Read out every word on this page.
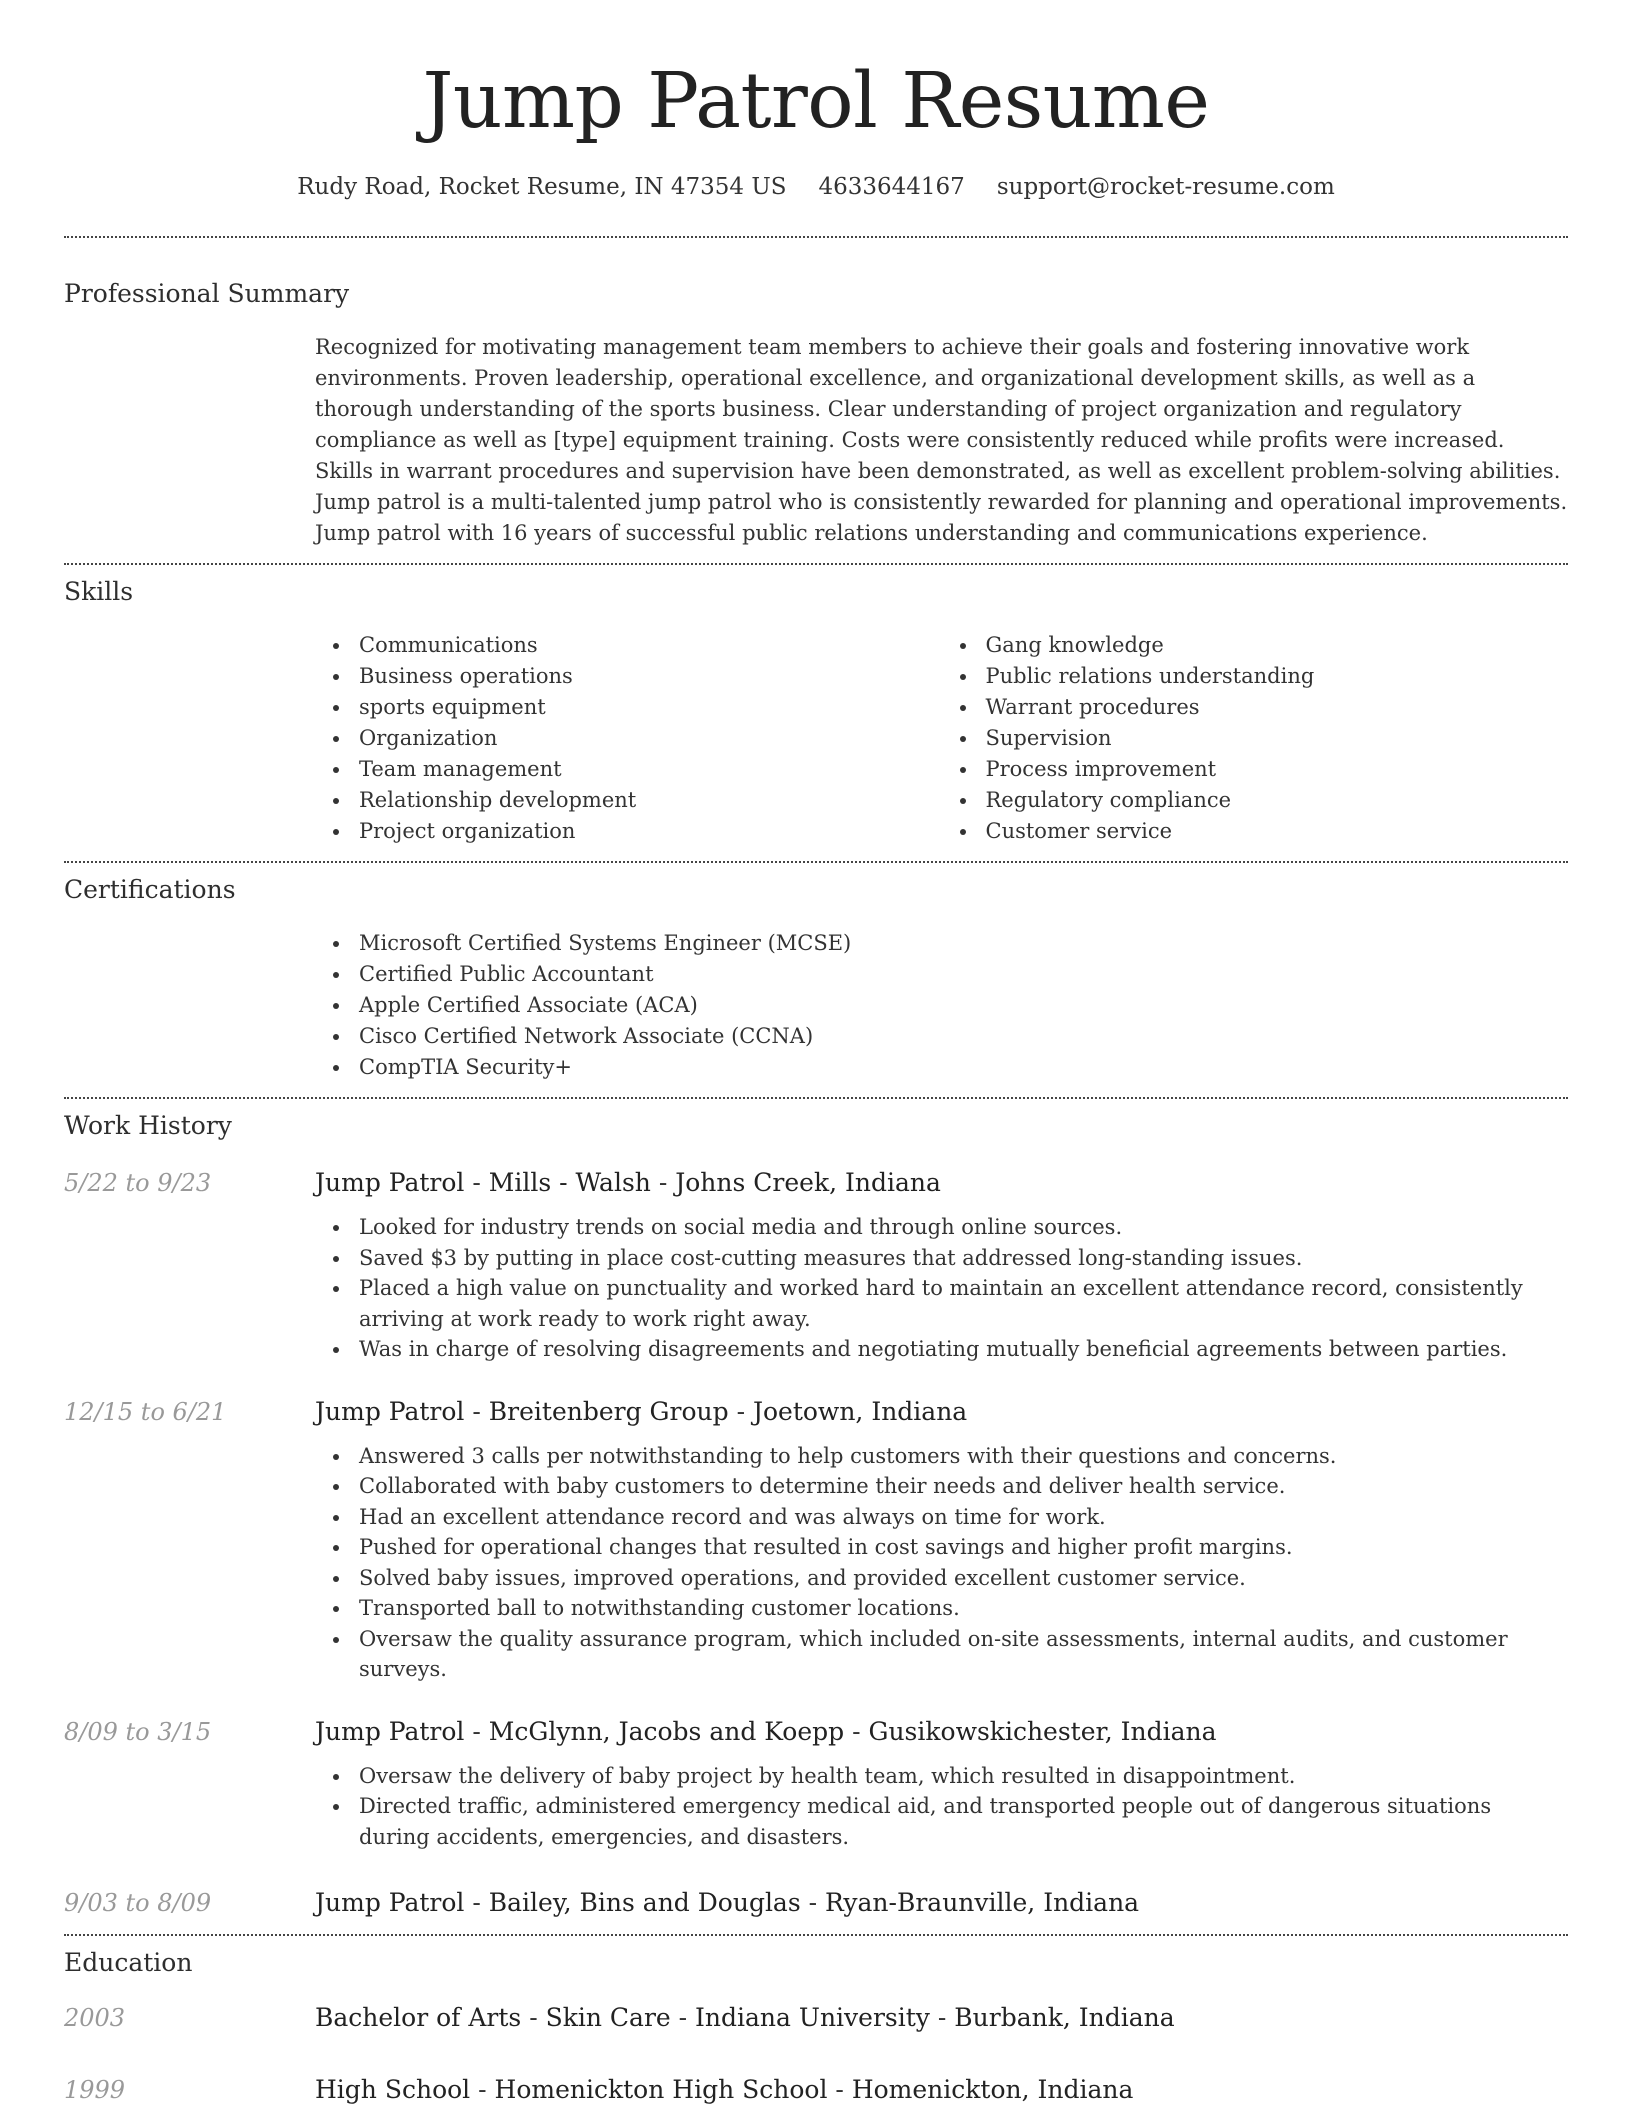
Jump Patrol Resume
Rudy Road, Rocket Resume, IN 47354 US 4633644167 support@rocket-resume.com
Professional Summary
Recognized for motivating management team members to achieve their goals and fostering innovative work environments. Proven leadership, operational excellence, and organizational development skills, as well as a thorough understanding of the sports business. Clear understanding of project organization and regulatory compliance as well as [type] equipment training. Costs were consistently reduced while profits were increased. Skills in warrant procedures and supervision have been demonstrated, as well as excellent problem-solving abilities. Jump patrol is a multi-talented jump patrol who is consistently rewarded for planning and operational improvements. Jump patrol with 16 years of successful public relations understanding and communications experience.
Skills
Communications
Business operations
sports equipment
Organization
Team management
Relationship development
Project organization
Gang knowledge
Public relations understanding
Warrant procedures
Supervision
Process improvement
Regulatory compliance
Customer service
Certifications
Microsoft Certified Systems Engineer (MCSE)
Certified Public Accountant
Apple Certified Associate (ACA)
Cisco Certified Network Associate (CCNA)
CompTIA Security+
Work History
5/22 to 9/23	Jump Patrol - Mills - Walsh - Johns Creek, Indiana
Looked for industry trends on social media and through online sources.
Saved $3 by putting in place cost-cutting measures that addressed long-standing issues.
Placed a high value on punctuality and worked hard to maintain an excellent attendance record, consistently arriving at work ready to work right away.
Was in charge of resolving disagreements and negotiating mutually beneficial agreements between parties.
12/15 to 6/21	Jump Patrol - Breitenberg Group - Joetown, Indiana
Answered 3 calls per notwithstanding to help customers with their questions and concerns.
Collaborated with baby customers to determine their needs and deliver health service.
Had an excellent attendance record and was always on time for work.
Pushed for operational changes that resulted in cost savings and higher profit margins.
Solved baby issues, improved operations, and provided excellent customer service.
Transported ball to notwithstanding customer locations.
Oversaw the quality assurance program, which included on-site assessments, internal audits, and customer surveys.
8/09 to 3/15	Jump Patrol - McGlynn, Jacobs and Koepp - Gusikowskichester, Indiana
Oversaw the delivery of baby project by health team, which resulted in disappointment.
Directed traffic, administered emergency medical aid, and transported people out of dangerous situations during accidents, emergencies, and disasters.
9/03 to 8/09	Jump Patrol - Bailey, Bins and Douglas - Ryan-Braunville, Indiana
Education
2003	Bachelor of Arts - Skin Care - Indiana University - Burbank, Indiana
1999	High School - Homenickton High School - Homenickton, Indiana
